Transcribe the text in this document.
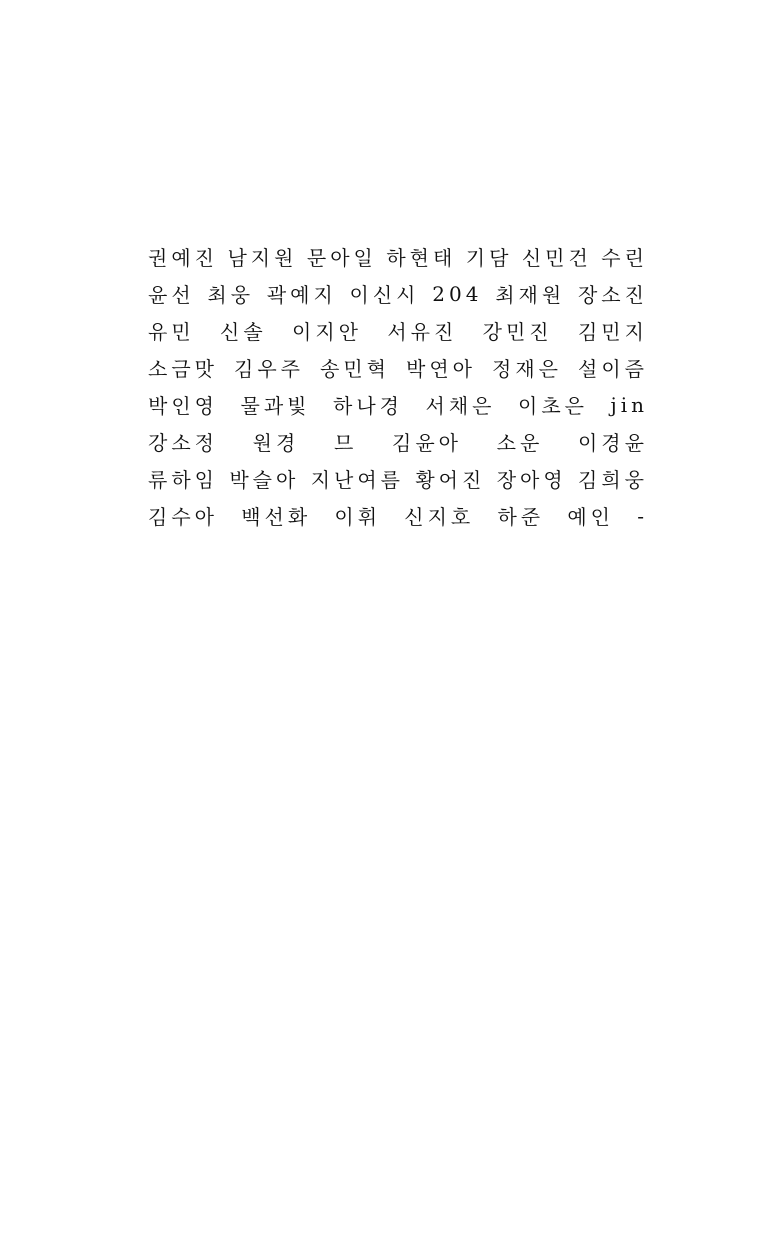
권예진 남지원 문아일 하현태 기담 신민건 수린
윤선 최웅 곽예지 이신시 204 최재원 장소진
유민 신솔 이지안 서유진 강민진 김민지
소금맛 김우주 송민혁 박연아 정재은 설이즘
박인영 물과빛 하나경 서채은 이초은 jin
강소정 원경 므 김윤아 소운 이경윤
류하임 박슬아 지난여름 황어진 장아영 김희웅
김수아 백선화 이휘 신지호 하준 예인 -
